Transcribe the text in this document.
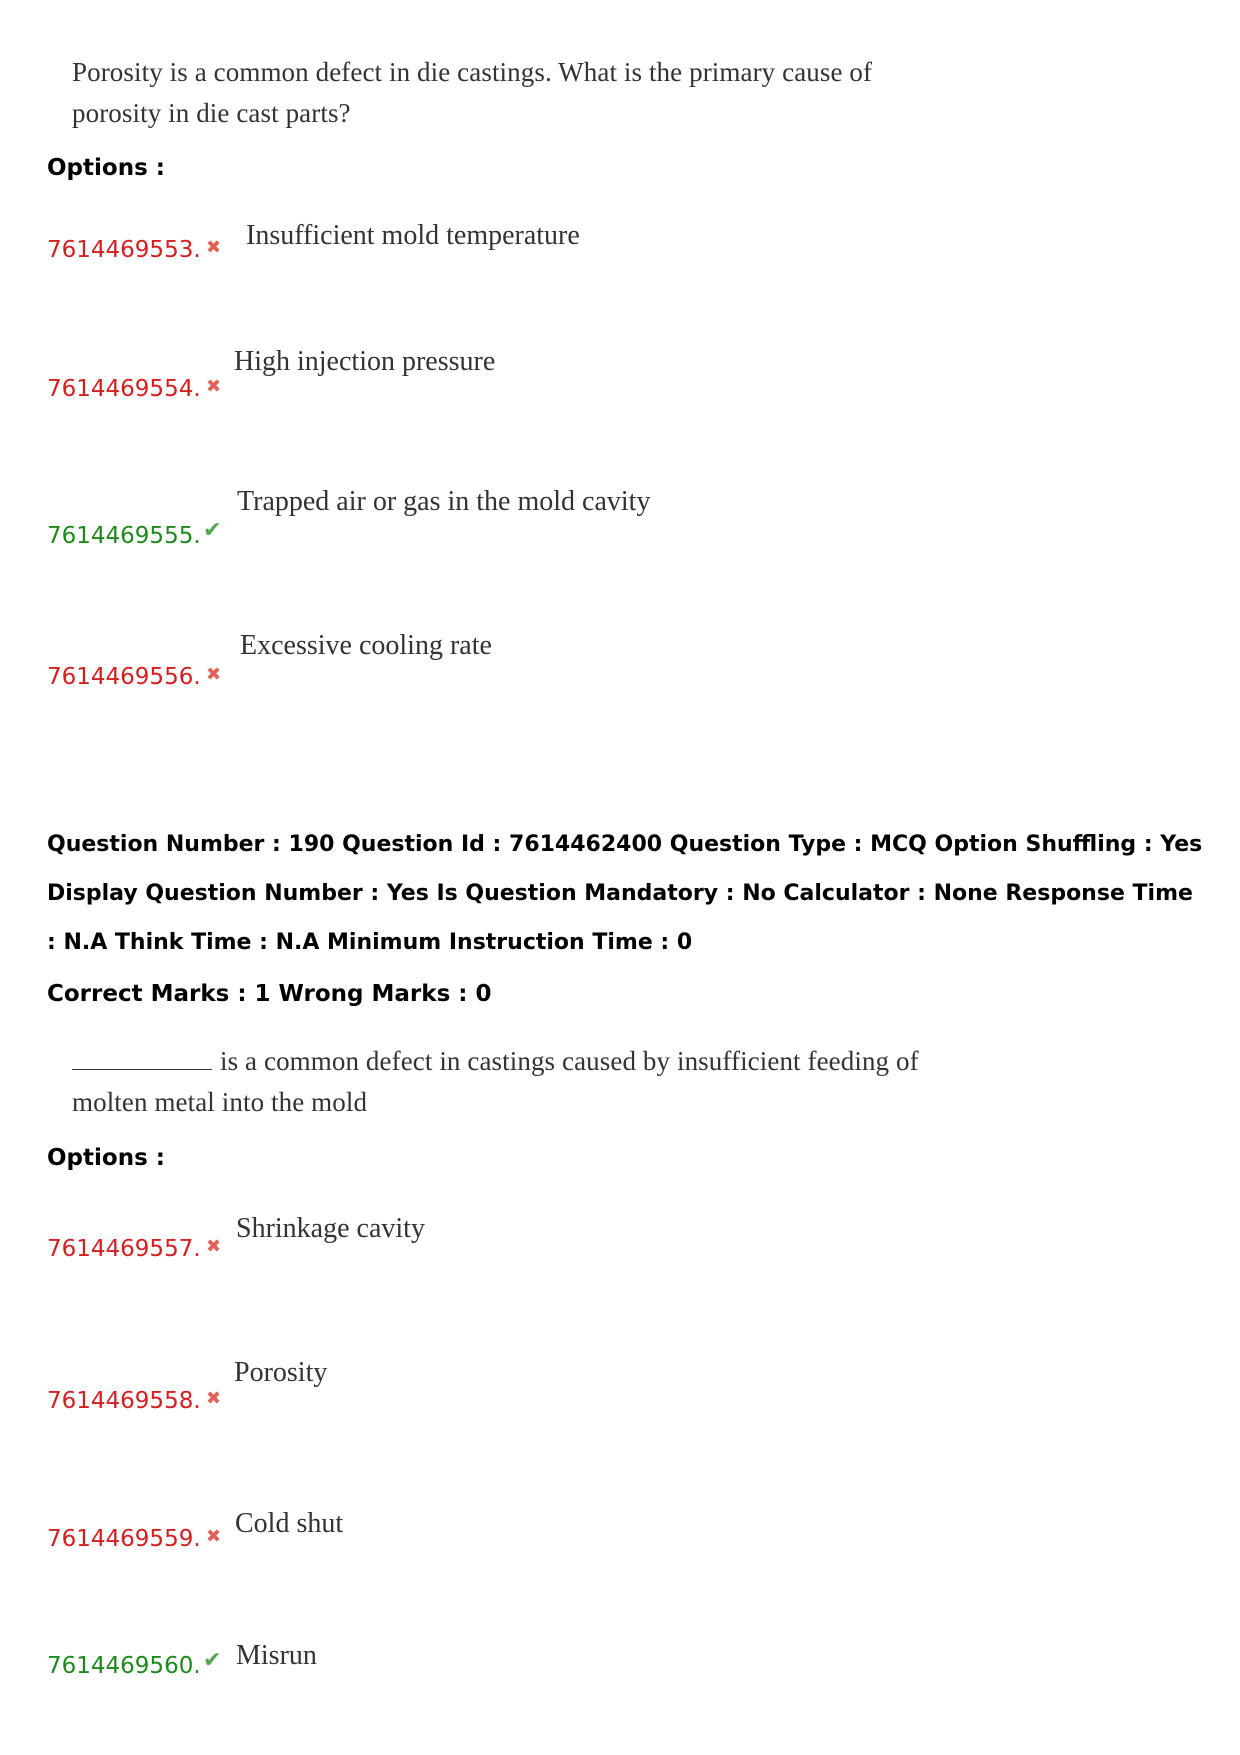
Porosity is a common defect in die castings. What is the primary cause of
porosity in die cast parts?
Options :
7614469553. ✖ Insufficient mold temperature
7614469554. ✖
High injection pressure
7614469555. ✔
Trapped air or gas in the mold cavity
7614469556. ✖
Excessive cooling rate
Question Number : 190 Question Id : 7614462400 Question Type : MCQ Option Shuffling : Yes
Display Question Number : Yes Is Question Mandatory : No Calculator : None Response Time
: N.A Think Time : N.A Minimum Instruction Time : 0
Correct Marks : 1 Wrong Marks : 0
is a common defect in castings caused by insufficient feeding of
molten metal into the mold
Options :
7614469557. ✖
Shrinkage cavity
7614469558. ✖
Porosity
7614469559. ✖ Cold shut
7614469560. ✔ Misrun
